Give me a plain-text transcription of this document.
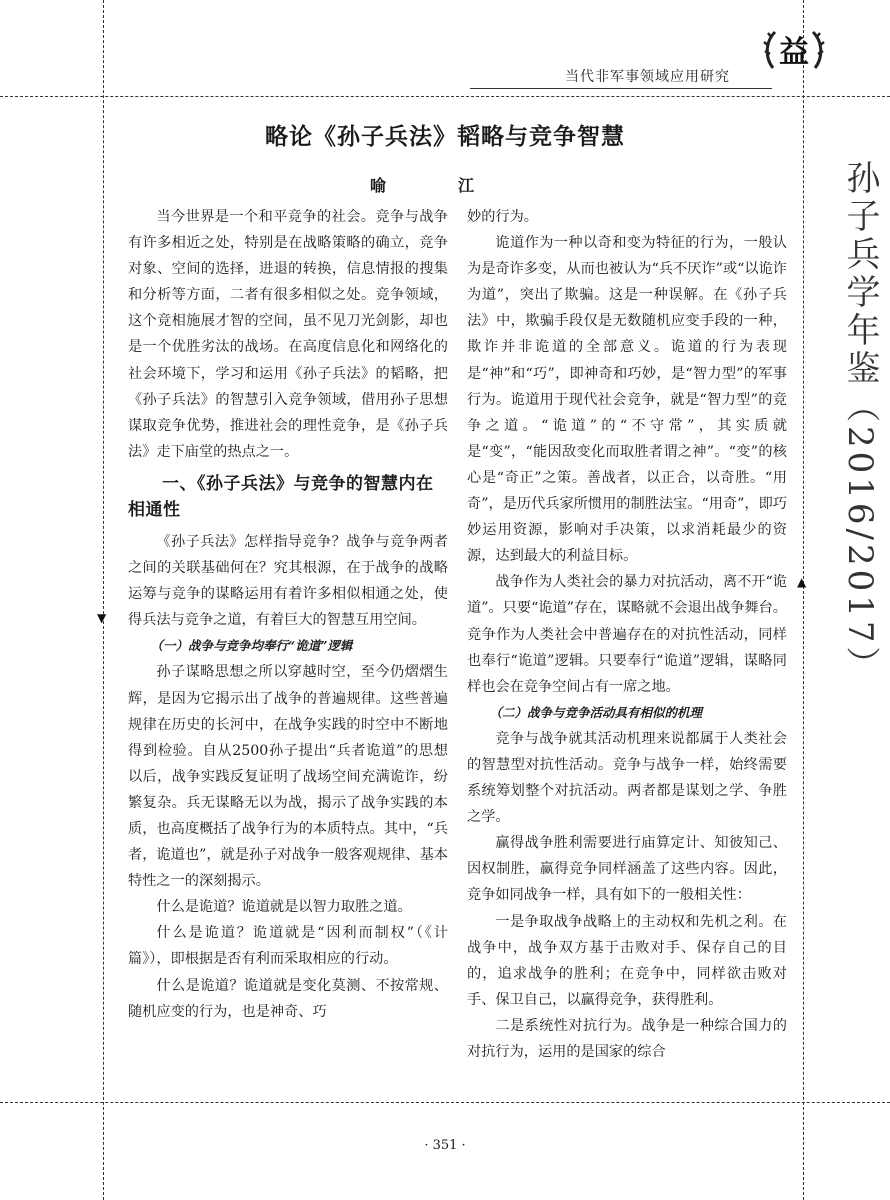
▼
▲
当代非军事领域应用研究
益
略论《孙子兵法》韬略与竞争智慧
喻　江	孙子兵学年鉴（2016/2017）

当今世界是一个和平竞争的社会。竞争与战争有许多相近之处，特别是在战略策略的确立，竞争对象、空间的选择，进退的转换，信息情报的搜集和分析等方面，二者有很多相似之处。竞争领域，这个竞相施展才智的空间，虽不见刀光剑影，却也是一个优胜劣汰的战场。在高度信息化和网络化的社会环境下，学习和运用《孙子兵法》的韬略，把《孙子兵法》的智慧引入竞争领域，借用孙子思想谋取竞争优势，推进社会的理性竞争，是《孙子兵法》走下庙堂的热点之一。

一、《孙子兵法》与竞争的智慧内在相通性

《孙子兵法》怎样指导竞争？战争与竞争两者之间的关联基础何在？究其根源，在于战争的战略运筹与竞争的谋略运用有着许多相似相通之处，使得兵法与竞争之道，有着巨大的智慧互用空间。

（一）战争与竞争均奉行“诡道”逻辑

孙子谋略思想之所以穿越时空，至今仍熠熠生辉，是因为它揭示出了战争的普遍规律。这些普遍规律在历史的长河中，在战争实践的时空中不断地得到检验。自从2500孙子提出“兵者诡道”的思想以后，战争实践反复证明了战场空间充满诡诈，纷繁复杂。兵无谋略无以为战，揭示了战争实践的本质，也高度概括了战争行为的本质特点。其中，“兵者，诡道也”，就是孙子对战争一般客观规律、基本特性之一的深刻揭示。

什么是诡道？诡道就是以智力取胜之道。

什么是诡道？诡道就是“因利而制权”（《计篇》），即根据是否有利而采取相应的行动。

什么是诡道？诡道就是变化莫测、不按常规、随机应变的行为，也是神奇、巧

妙的行为。

诡道作为一种以奇和变为特征的行为，一般认为是奇诈多变，从而也被认为“兵不厌诈”或“以诡诈为道”，突出了欺骗。这是一种误解。在《孙子兵法》中，欺骗手段仅是无数随机应变手段的一种，欺诈并非诡道的全部意义。诡道的行为表现是“神”和“巧”，即神奇和巧妙，是“智力型”的军事行为。诡道用于现代社会竞争，就是“智力型”的竞争之道。“诡道”的“不守常”，其实质就是“变”，“能因敌变化而取胜者谓之神”。“变”的核心是“奇正”之策。善战者，以正合，以奇胜。“用奇”，是历代兵家所惯用的制胜法宝。“用奇”，即巧妙运用资源，影响对手决策，以求消耗最少的资源，达到最大的利益目标。

战争作为人类社会的暴力对抗活动，离不开“诡道”。只要“诡道”存在，谋略就不会退出战争舞台。竞争作为人类社会中普遍存在的对抗性活动，同样也奉行“诡道”逻辑。只要奉行“诡道”逻辑，谋略同样也会在竞争空间占有一席之地。

（二）战争与竞争活动具有相似的机理

竞争与战争就其活动机理来说都属于人类社会的智慧型对抗性活动。竞争与战争一样，始终需要系统筹划整个对抗活动。两者都是谋划之学、争胜之学。

赢得战争胜利需要进行庙算定计、知彼知己、因权制胜，赢得竞争同样涵盖了这些内容。因此，竞争如同战争一样，具有如下的一般相关性：

一是争取战争战略上的主动权和先机之利。在战争中，战争双方基于击败对手、保存自己的目的，追求战争的胜利；在竞争中，同样欲击败对手、保卫自己，以赢得竞争，获得胜利。

二是系统性对抗行为。战争是一种综合国力的对抗行为，运用的是国家的综合

· 351 ·
